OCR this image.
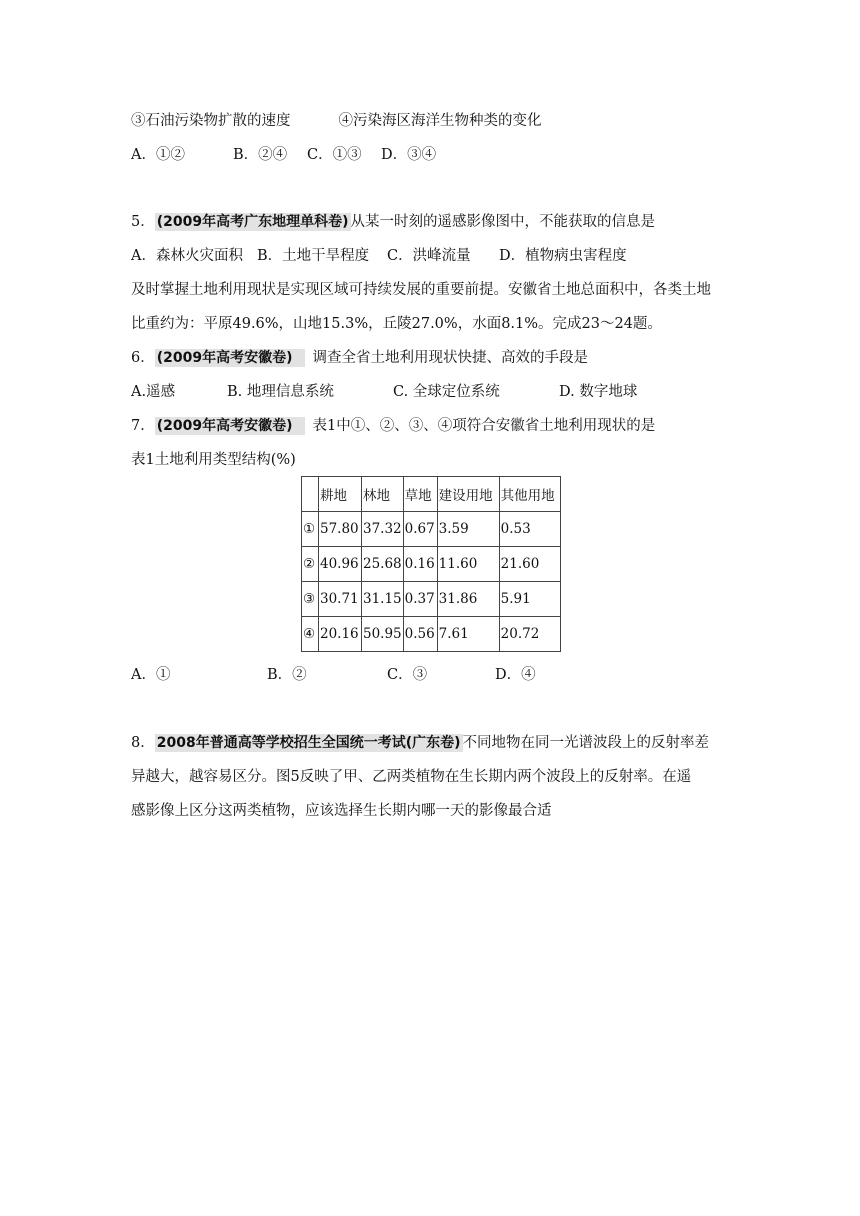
③石油污染物扩散的速度	④污染海区海洋生物种类的变化
A．①②	B．②④ C．①③ D．③④
5． (2009年高考广东地理单科卷) 从某一时刻的遥感影像图中，不能获取的信息是
A．森林火灾面积 B．土地干旱程度 C．洪峰流量 D．植物病虫害程度
及时掌握土地利用现状是实现区域可持续发展的重要前提。安徽省土地总面积中，各类土地
比重约为：平原49.6%，山地15.3%，丘陵27.0%，水面8.1%。完成23～24题。
6． (2009年高考安徽卷) 调查全省土地利用现状快捷、高效的手段是
A.遥感	B. 地理信息系统	C. 全球定位系统	D. 数字地球
7． (2009年高考安徽卷) 表1中①、②、③、④项符合安徽省土地利用现状的是
表1土地利用类型结构(%)
	耕地	林地	草地	建设用地	其他用地
①	57.80	37.32	0.67	3.59	0.53
②	40.96	25.68	0.16	11.60	21.60
③	30.71	31.15	0.37	31.86	5.91
④	20.16	50.95	0.56	7.61	20.72
A．①	B．②	C．③	D．④
8． 2008年普通高等学校招生全国统一考试(广东卷) 不同地物在同一光谱波段上的反射率差
异越大，越容易区分。图5反映了甲、乙两类植物在生长期内两个波段上的反射率。在遥
感影像上区分这两类植物，应该选择生长期内哪一天的影像最合适
